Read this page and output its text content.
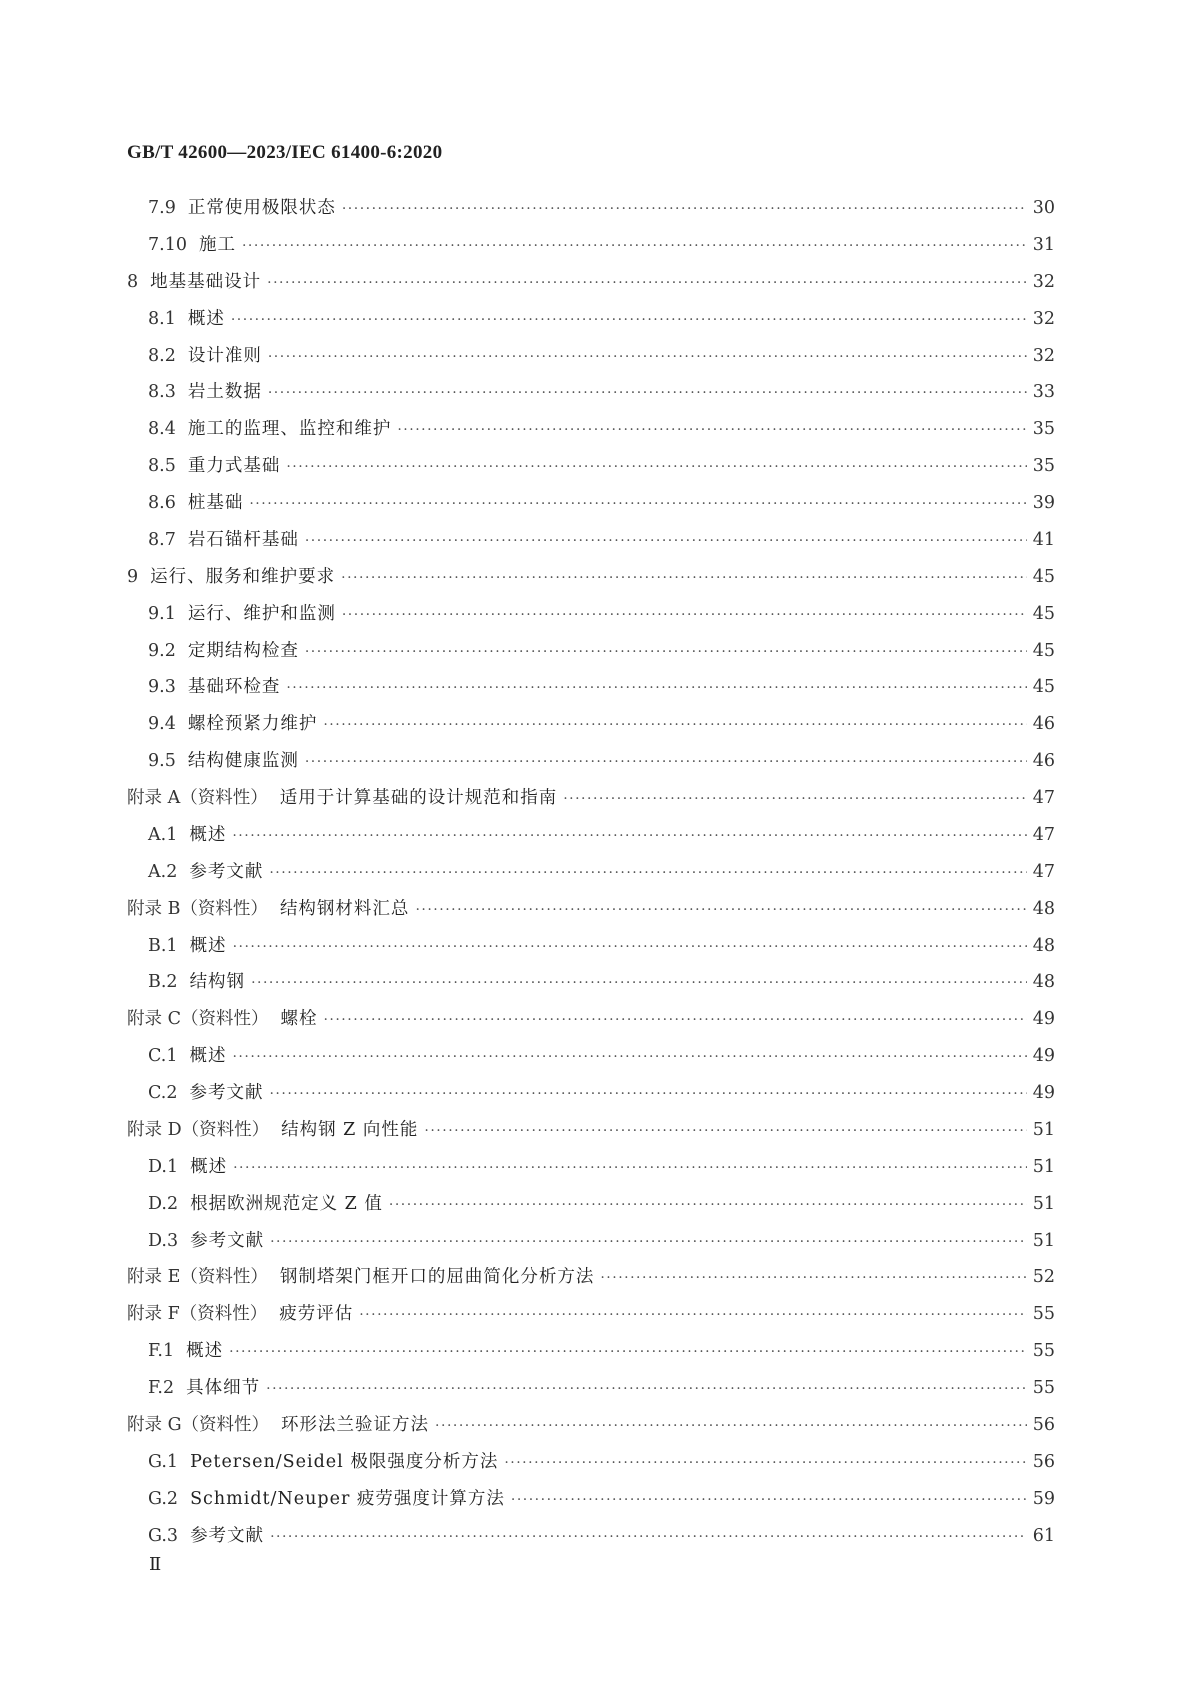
GB/T 42600—2023/IEC 61400-6:2020
7.9 正常使用极限状态 ·····	30
7.10 施工 ·····	31
8 地基基础设计 ·····	32
8.1 概述 ·····	32
8.2 设计准则 ·····	32
8.3 岩土数据 ·····	33
8.4 施工的监理、监控和维护 ·····	35
8.5 重力式基础 ·····	35
8.6 桩基础 ·····	39
8.7 岩石锚杆基础 ·····	41
9 运行、服务和维护要求 ·····	45
9.1 运行、维护和监测 ·····	45
9.2 定期结构检查 ·····	45
9.3 基础环检查 ·····	45
9.4 螺栓预紧力维护 ·····	46
9.5 结构健康监测 ·····	46
附录 A（资料性） 适用于计算基础的设计规范和指南 ·····	47
A.1 概述 ·····	47
A.2 参考文献 ·····	47
附录 B（资料性） 结构钢材料汇总 ·····	48
B.1 概述 ·····	48
B.2 结构钢 ·····	48
附录 C（资料性） 螺栓 ·····	49
C.1 概述 ·····	49
C.2 参考文献 ·····	49
附录 D（资料性） 结构钢 Z 向性能 ·····	51
D.1 概述 ·····	51
D.2 根据欧洲规范定义 Z 值 ·····	51
D.3 参考文献 ·····	51
附录 E（资料性） 钢制塔架门框开口的屈曲简化分析方法 ·····	52
附录 F（资料性） 疲劳评估 ·····	55
F.1 概述 ·····	55
F.2 具体细节 ·····	55
附录 G（资料性） 环形法兰验证方法 ·····	56
G.1 Petersen/Seidel 极限强度分析方法 ·····	56
G.2 Schmidt/Neuper 疲劳强度计算方法 ·····	59
G.3 参考文献 ·····	61
Ⅱ
